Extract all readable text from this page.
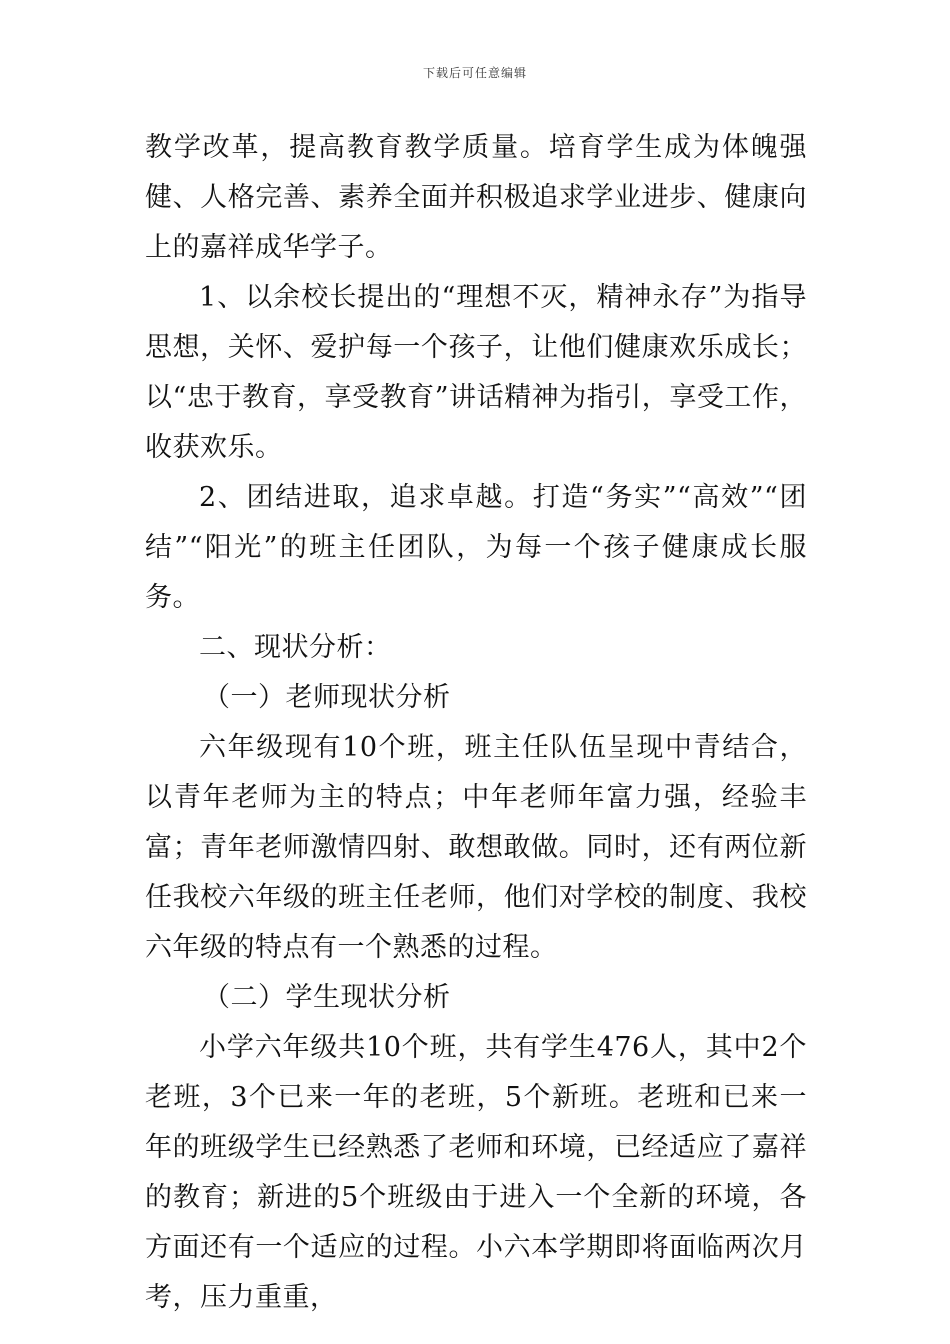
下载后可任意编辑

教学改革，提高教育教学质量。培育学生成为体魄强健、人格完善、素养全面并积极追求学业进步、健康向上的嘉祥成华学子。

1、以余校长提出的“理想不灭，精神永存”为指导思想，关怀、爱护每一个孩子，让他们健康欢乐成长；以“忠于教育，享受教育”讲话精神为指引，享受工作，收获欢乐。

2、团结进取，追求卓越。打造“务实”“高效”“团结”“阳光”的班主任团队，为每一个孩子健康成长服务。

二、现状分析：

（一）老师现状分析

六年级现有10个班，班主任队伍呈现中青结合，以青年老师为主的特点；中年老师年富力强，经验丰富；青年老师激情四射、敢想敢做。同时，还有两位新任我校六年级的班主任老师，他们对学校的制度、我校六年级的特点有一个熟悉的过程。

（二）学生现状分析

小学六年级共10个班，共有学生476人，其中2个老班，3个已来一年的老班，5个新班。老班和已来一年的班级学生已经熟悉了老师和环境，已经适应了嘉祥的教育；新进的5个班级由于进入一个全新的环境，各方面还有一个适应的过程。小六本学期即将面临两次月考，压力重重，
